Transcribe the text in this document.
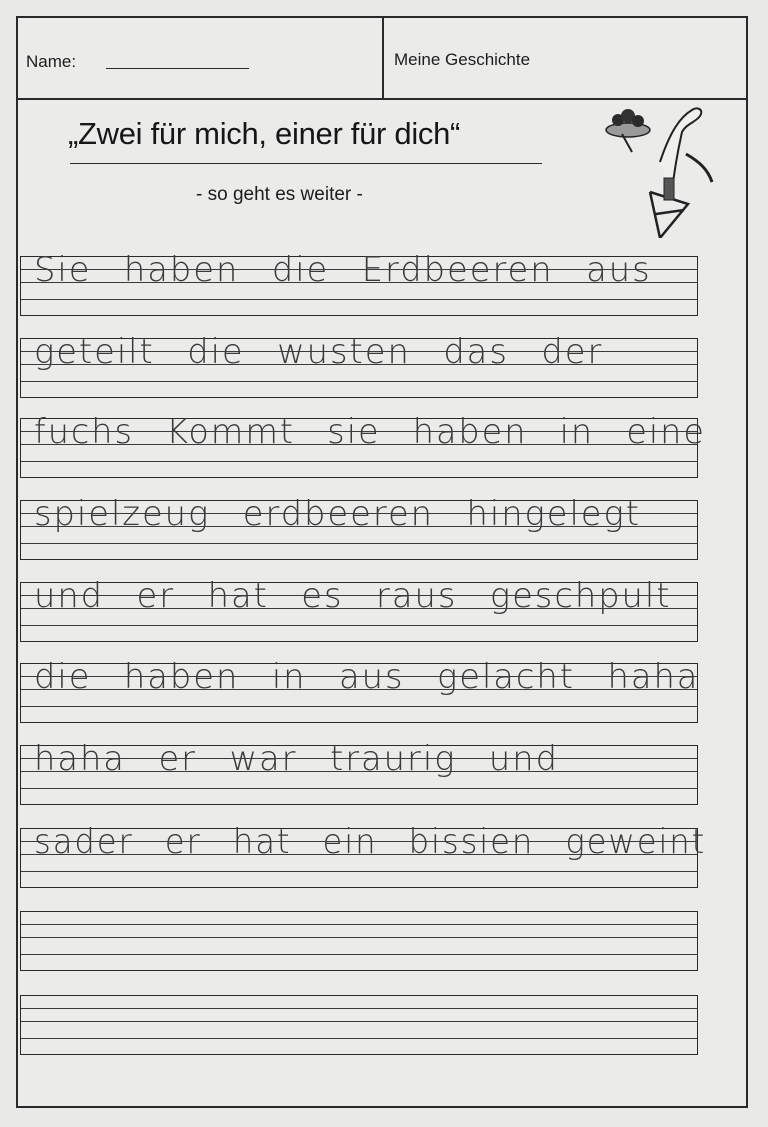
Name:	Meine Geschichte
„Zwei für mich, einer für dich“
- so geht es weiter -
Sie haben die Erdbeeren aus
geteilt die wusten das der
fuchs Kommt sie haben in eine
spielzeug erdbeeren hingelegt
und er hat es raus geschpult
die haben in aus gelacht haha
haha er war traurig und
sader er hat ein bissien geweint
